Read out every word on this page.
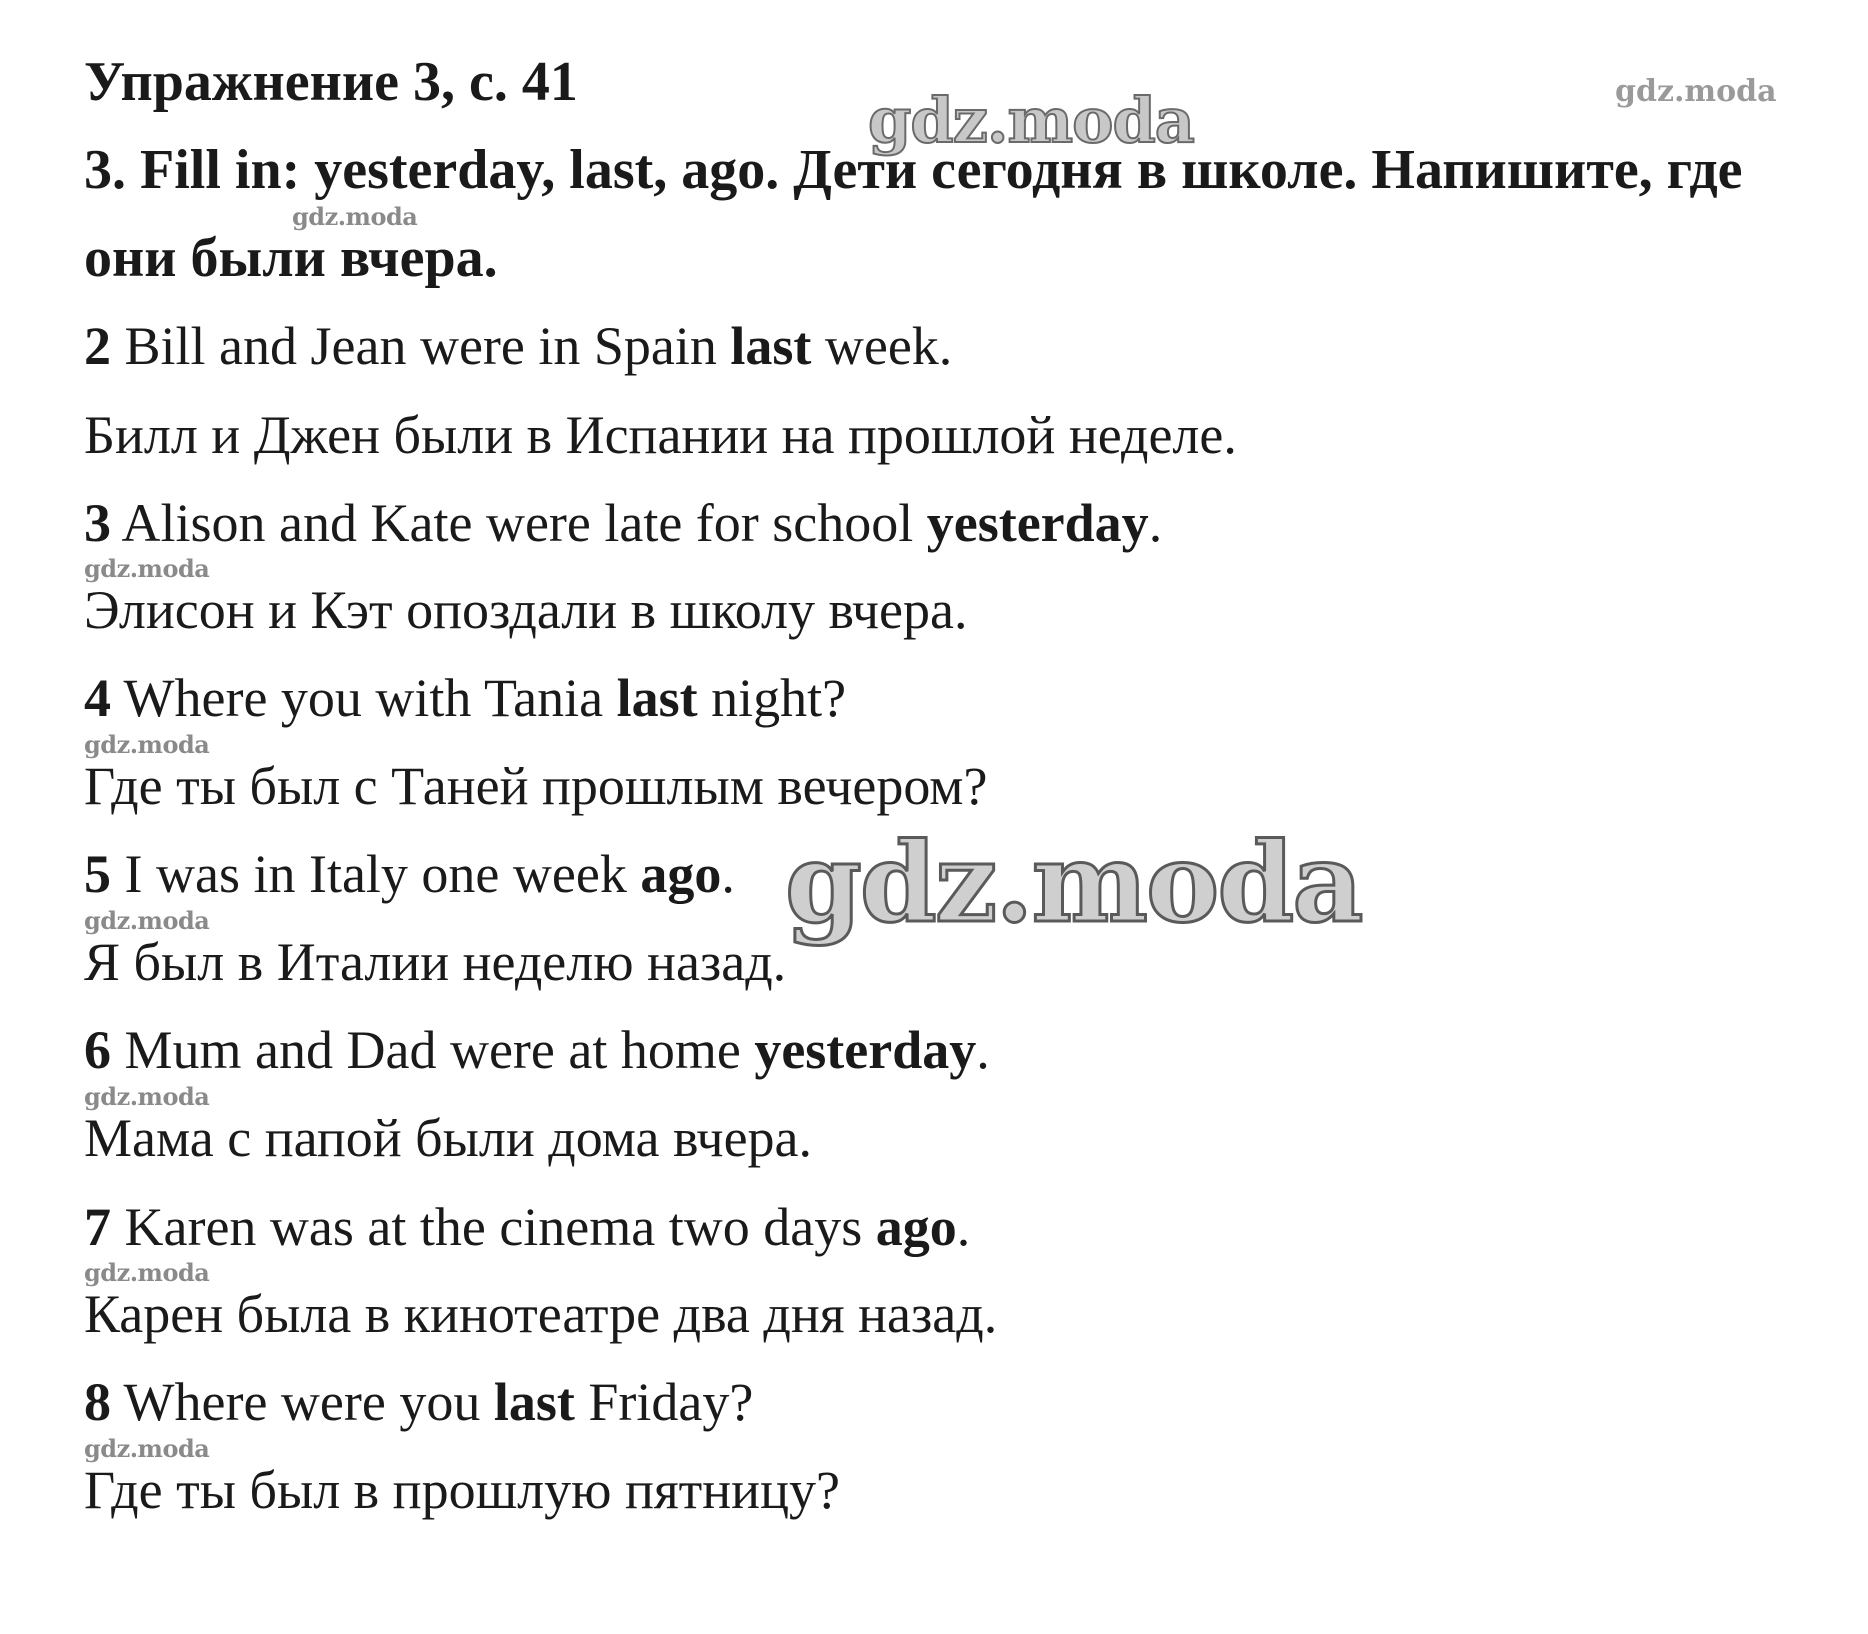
Упражнение 3, с. 41
3. Fill in: yesterday, last, ago. Дети сегодня в школе. Напишите, где
они были вчера.
2 Bill and Jean were in Spain last week.
Билл и Джен были в Испании на прошлой неделе.
3 Alison and Kate were late for school yesterday.
Элисон и Кэт опоздали в школу вчера.
4 Where you with Tania last night?
Где ты был с Таней прошлым вечером?
5 I was in Italy one week ago.
Я был в Италии неделю назад.
6 Mum and Dad were at home yesterday.
Мама с папой были дома вчера.
7 Karen was at the cinema two days ago.
Карен была в кинотеатре два дня назад.
8 Where were you last Friday?
Где ты был в прошлую пятницу?
gdz.moda
gdz.moda
gdz.moda
gdz.moda
gdz.moda
gdz.moda
gdz.moda
gdz.moda
gdz.moda
gdz.moda
